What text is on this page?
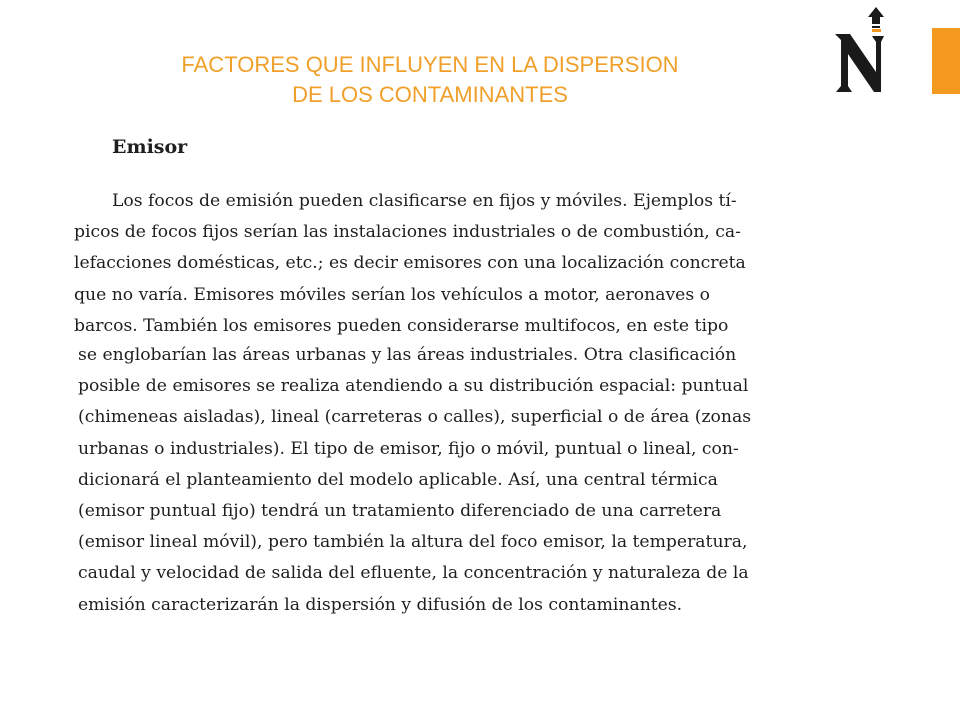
FACTORES QUE INFLUYEN EN LA DISPERSION
DE LOS CONTAMINANTES
Emisor

Los focos de emisión pueden clasificarse en fijos y móviles. Ejemplos tí-
picos de focos fijos serían las instalaciones industriales o de combustión, ca-
lefacciones domésticas, etc.; es decir emisores con una localización concreta
que no varía. Emisores móviles serían los vehículos a motor, aeronaves o
barcos. También los emisores pueden considerarse multifocos, en este tipo

se englobarían las áreas urbanas y las áreas industriales. Otra clasificación
posible de emisores se realiza atendiendo a su distribución espacial: puntual
(chimeneas aisladas), lineal (carreteras o calles), superficial o de área (zonas
urbanas o industriales). El tipo de emisor, fijo o móvil, puntual o lineal, con-
dicionará el planteamiento del modelo aplicable. Así, una central térmica
(emisor puntual fijo) tendrá un tratamiento diferenciado de una carretera
(emisor lineal móvil), pero también la altura del foco emisor, la temperatura,
caudal y velocidad de salida del efluente, la concentración y naturaleza de la
emisión caracterizarán la dispersión y difusión de los contaminantes.
